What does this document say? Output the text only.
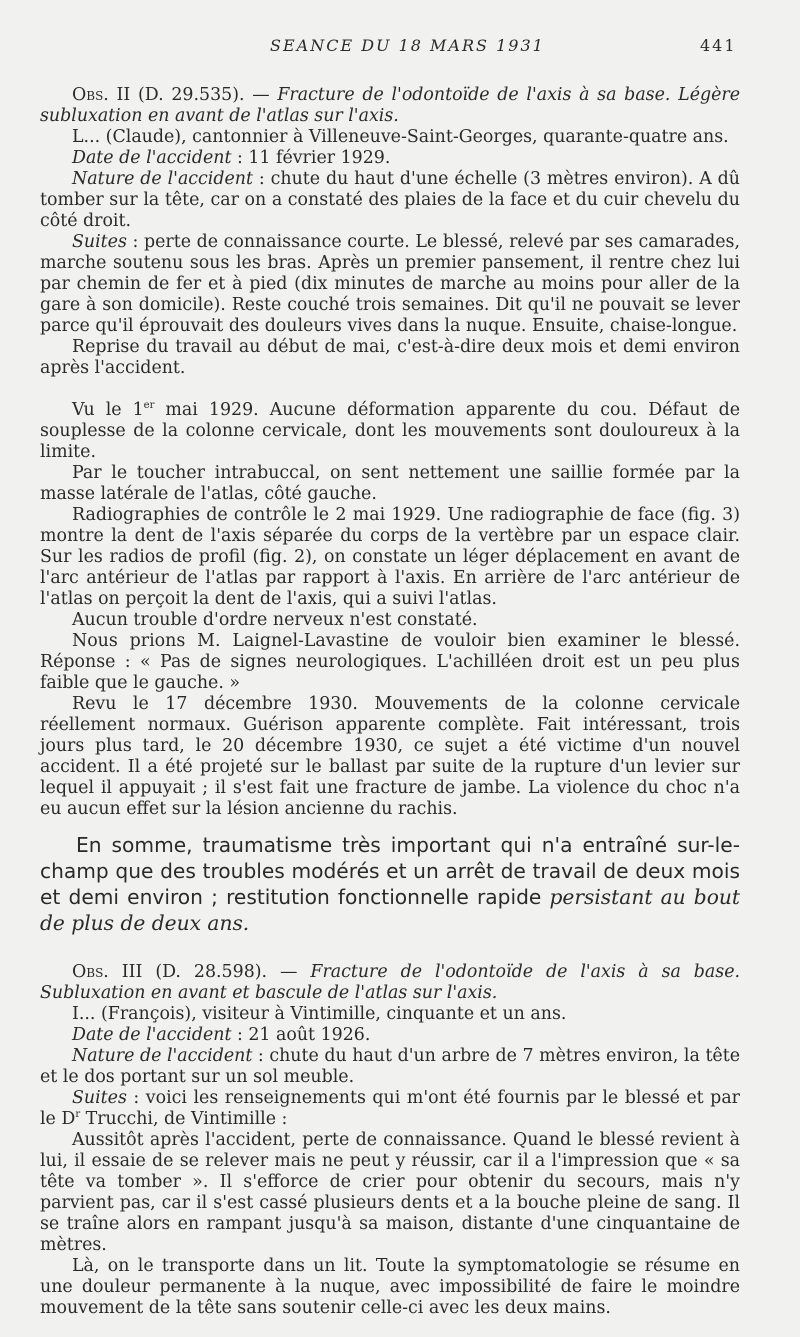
SEANCE DU 18 MARS 1931	441

Obs. II (D. 29.535). — Fracture de l'odontoïde de l'axis à sa base. Légère subluxation en avant de l'atlas sur l'axis.

L... (Claude), cantonnier à Villeneuve-Saint-Georges, quarante-quatre ans.

Date de l'accident : 11 février 1929.

Nature de l'accident : chute du haut d'une échelle (3 mètres environ). A dû tomber sur la tête, car on a constaté des plaies de la face et du cuir chevelu du côté droit.

Suites : perte de connaissance courte. Le blessé, relevé par ses camarades, marche soutenu sous les bras. Après un premier pansement, il rentre chez lui par chemin de fer et à pied (dix minutes de marche au moins pour aller de la gare à son domicile). Reste couché trois semaines. Dit qu'il ne pouvait se lever parce qu'il éprouvait des douleurs vives dans la nuque. Ensuite, chaise-longue.

Reprise du travail au début de mai, c'est-à-dire deux mois et demi environ après l'accident.

Vu le 1er mai 1929. Aucune déformation apparente du cou. Défaut de souplesse de la colonne cervicale, dont les mouvements sont douloureux à la limite.

Par le toucher intrabuccal, on sent nettement une saillie formée par la masse latérale de l'atlas, côté gauche.

Radiographies de contrôle le 2 mai 1929. Une radiographie de face (fig. 3) montre la dent de l'axis séparée du corps de la vertèbre par un espace clair. Sur les radios de profil (fig. 2), on constate un léger déplacement en avant de l'arc antérieur de l'atlas par rapport à l'axis. En arrière de l'arc antérieur de l'atlas on perçoit la dent de l'axis, qui a suivi l'atlas.

Aucun trouble d'ordre nerveux n'est constaté.

Nous prions M. Laignel-Lavastine de vouloir bien examiner le blessé. Réponse : « Pas de signes neurologiques. L'achilléen droit est un peu plus faible que le gauche. »

Revu le 17 décembre 1930. Mouvements de la colonne cervicale réellement normaux. Guérison apparente complète. Fait intéressant, trois jours plus tard, le 20 décembre 1930, ce sujet a été victime d'un nouvel accident. Il a été projeté sur le ballast par suite de la rupture d'un levier sur lequel il appuyait ; il s'est fait une fracture de jambe. La violence du choc n'a eu aucun effet sur la lésion ancienne du rachis.

En somme, traumatisme très important qui n'a entraîné sur-le-champ que des troubles modérés et un arrêt de travail de deux mois et demi environ ; restitution fonctionnelle rapide persistant au bout de plus de deux ans.

Obs. III (D. 28.598). — Fracture de l'odontoïde de l'axis à sa base. Subluxation en avant et bascule de l'atlas sur l'axis.

I... (François), visiteur à Vintimille, cinquante et un ans.

Date de l'accident : 21 août 1926.

Nature de l'accident : chute du haut d'un arbre de 7 mètres environ, la tête et le dos portant sur un sol meuble.

Suites : voici les renseignements qui m'ont été fournis par le blessé et par le $D^r$ Trucchi, de Vintimille :

Aussitôt après l'accident, perte de connaissance. Quand le blessé revient à lui, il essaie de se relever mais ne peut y réussir, car il a l'impression que « sa tête va tomber ». Il s'efforce de crier pour obtenir du secours, mais n'y parvient pas, car il s'est cassé plusieurs dents et a la bouche pleine de sang. Il se traîne alors en rampant jusqu'à sa maison, distante d'une cinquantaine de mètres.

Là, on le transporte dans un lit. Toute la symptomatologie se résume en une douleur permanente à la nuque, avec impossibilité de faire le moindre mouvement de la tête sans soutenir celle-ci avec les deux mains.
